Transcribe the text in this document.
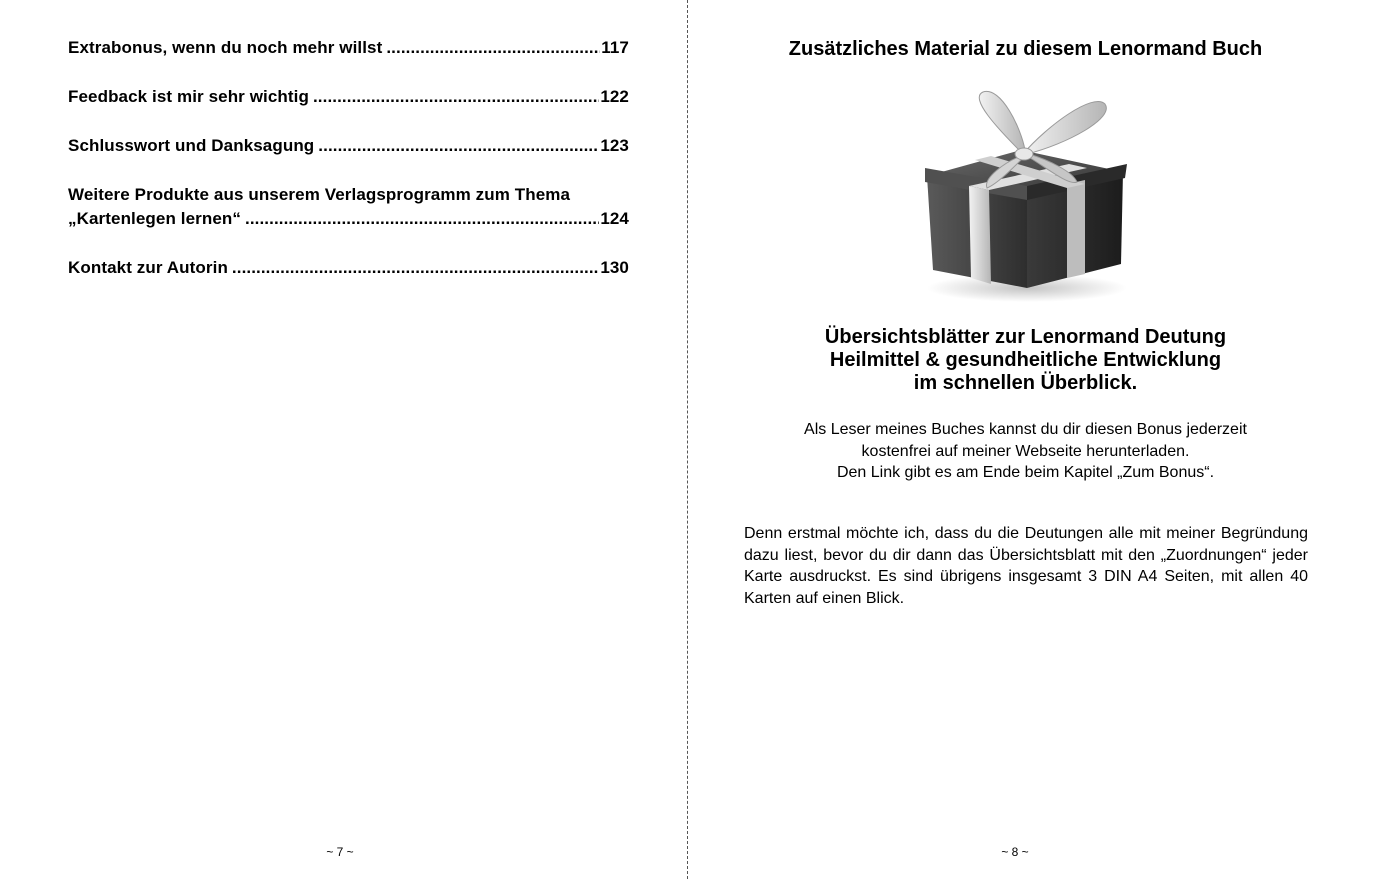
Extrabonus, wenn du noch mehr willst .....	117
Feedback ist mir sehr wichtig .....	122
Schlusswort und Danksagung .....	123
Weitere Produkte aus unserem Verlagsprogramm zum Thema
„Kartenlegen lernen“ .....	124
Kontakt zur Autorin .....	130
~ 7 ~
Zusätzliches Material zu diesem Lenormand Buch
Übersichtsblätter zur Lenormand Deutung
Heilmittel & gesundheitliche Entwicklung
im schnellen Überblick.
Als Leser meines Buches kannst du dir diesen Bonus jederzeit
kostenfrei auf meiner Webseite herunterladen.
Den Link gibt es am Ende beim Kapitel „Zum Bonus“.
Denn erstmal möchte ich, dass du die Deutungen alle mit meiner Begründung dazu liest, bevor du dir dann das Übersichtsblatt mit den „Zuordnungen“ jeder Karte ausdruckst. Es sind übrigens insgesamt 3 DIN A4 Seiten, mit allen 40 Karten auf einen Blick.
~ 8 ~
